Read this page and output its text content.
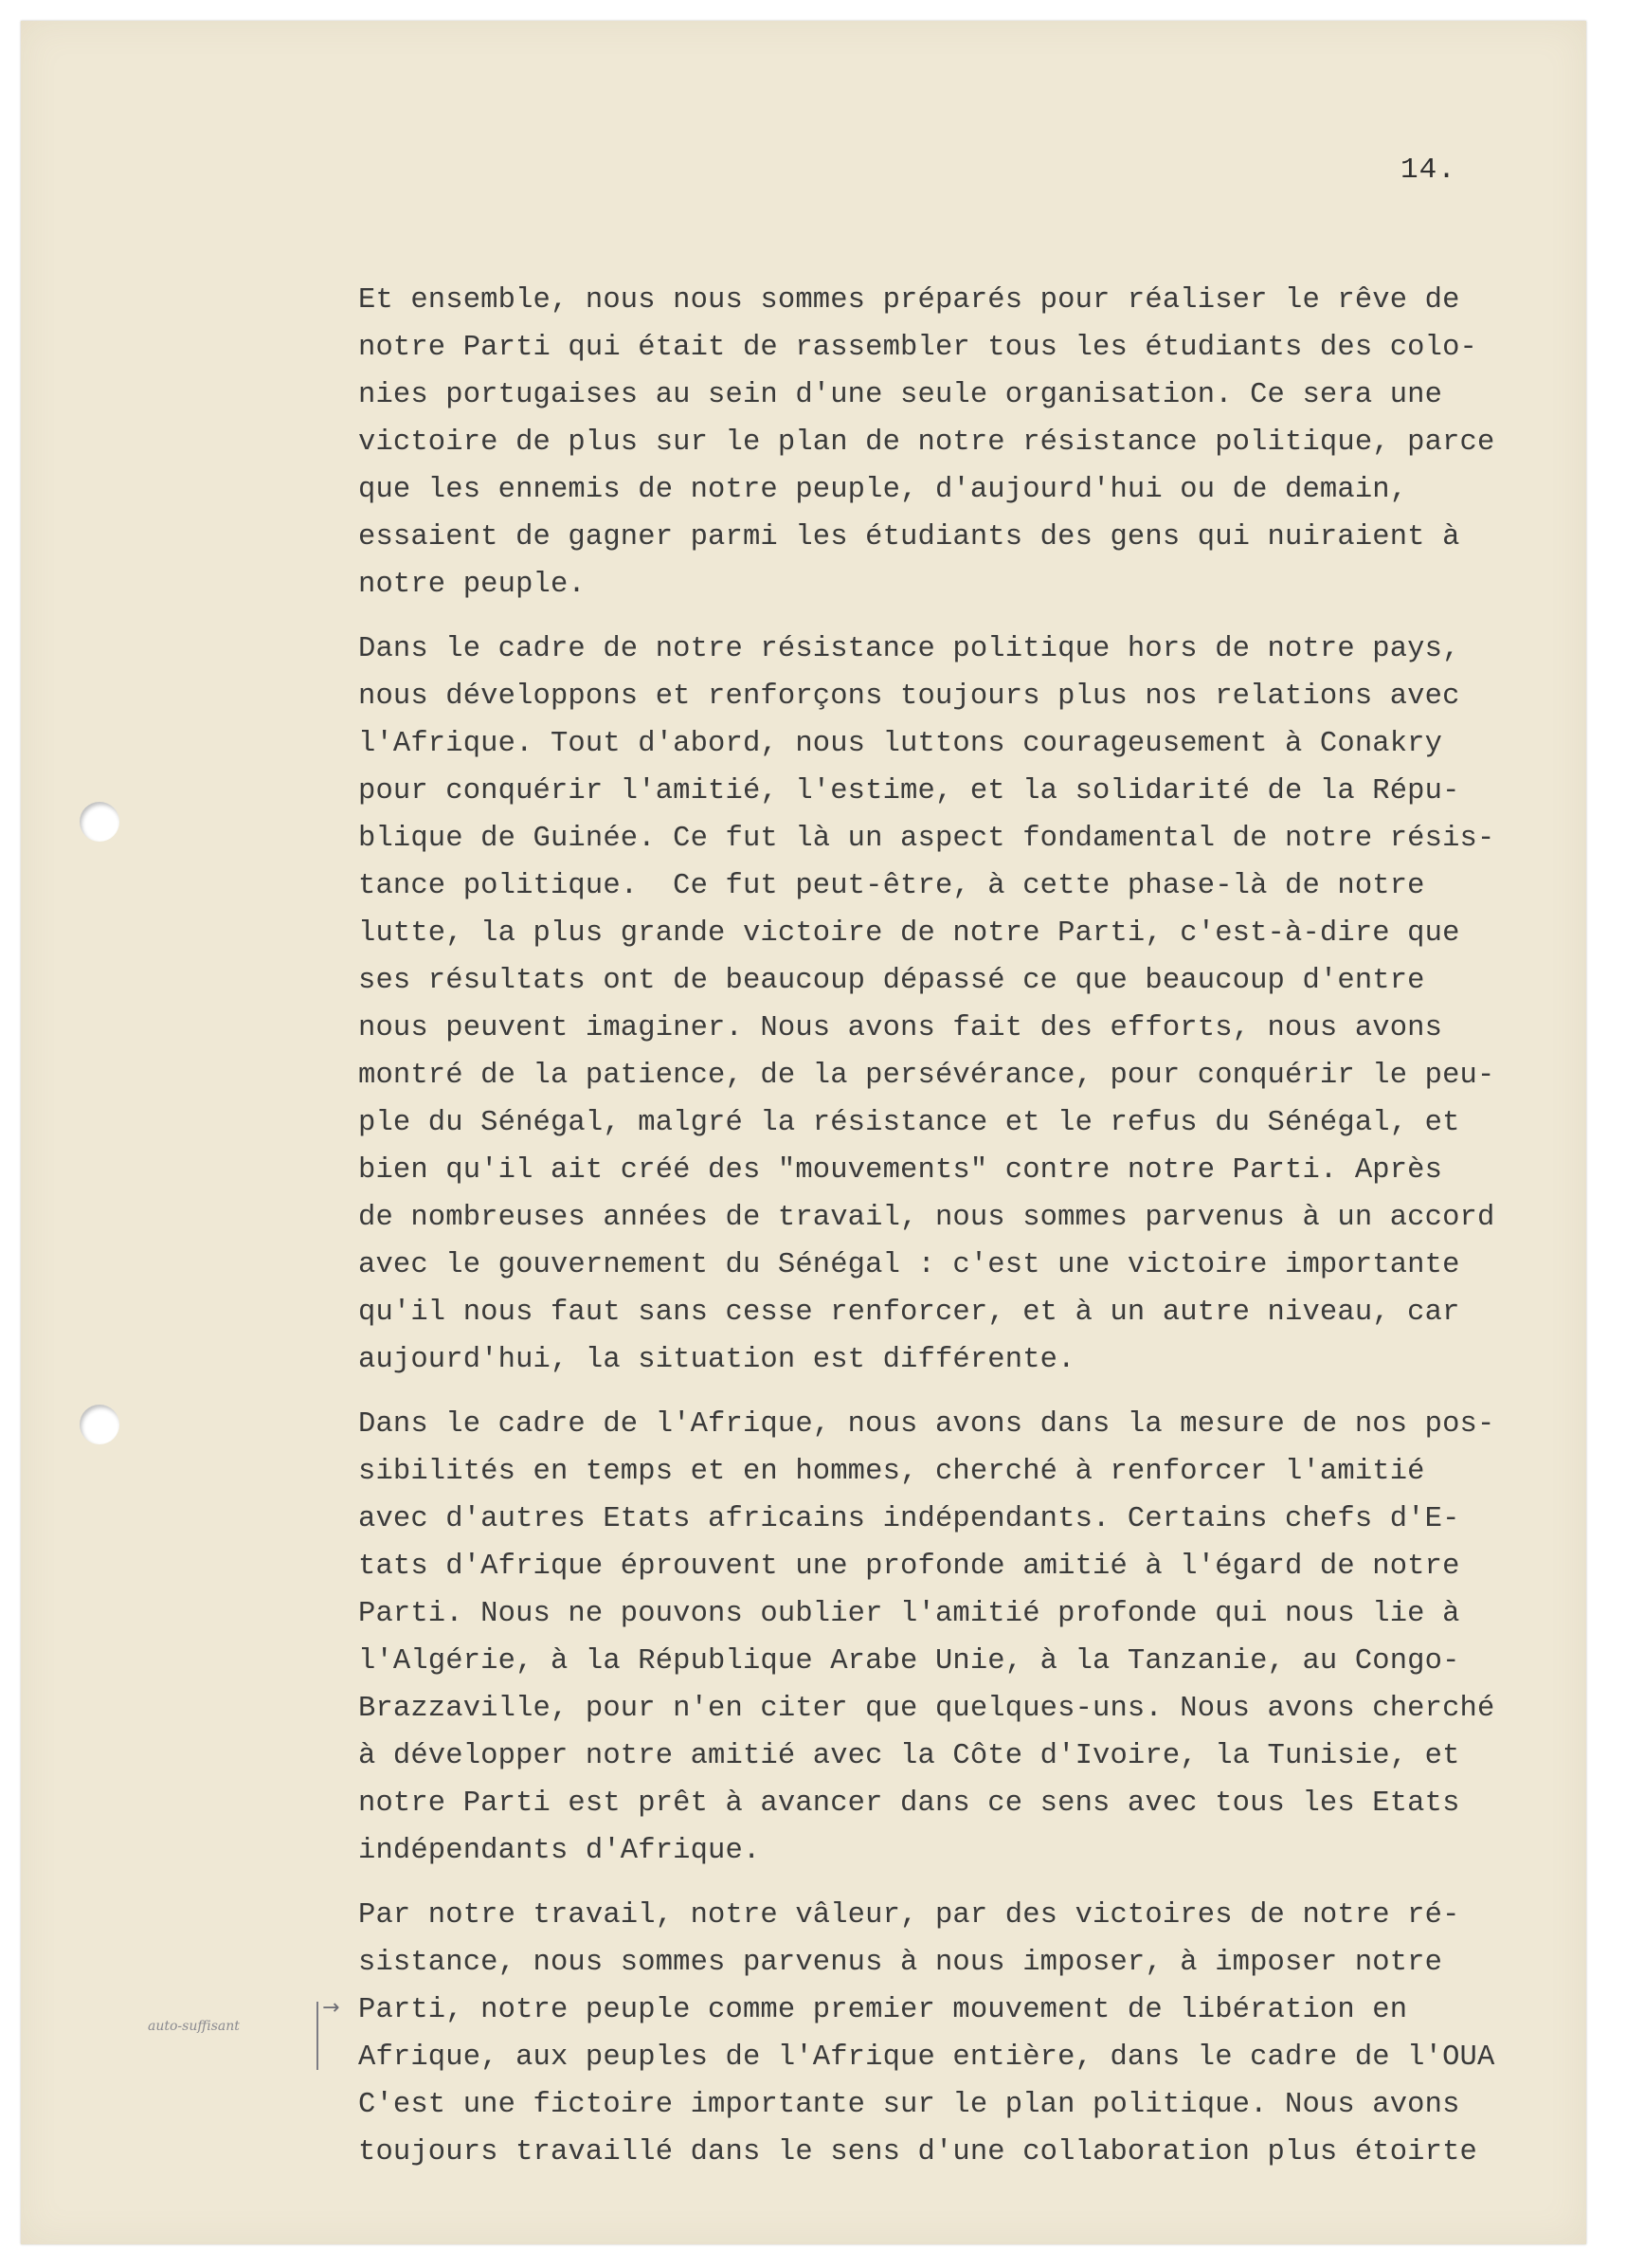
14.
Et ensemble, nous nous sommes préparés pour réaliser le rêve de
notre Parti qui était de rassembler tous les étudiants des colo-
nies portugaises au sein d'une seule organisation. Ce sera une
victoire de plus sur le plan de notre résistance politique, parce
que les ennemis de notre peuple, d'aujourd'hui ou de demain,
essaient de gagner parmi les étudiants des gens qui nuiraient à
notre peuple.
Dans le cadre de notre résistance politique hors de notre pays,
nous développons et renforçons toujours plus nos relations avec
l'Afrique. Tout d'abord, nous luttons courageusement à Conakry
pour conquérir l'amitié, l'estime, et la solidarité de la Répu-
blique de Guinée. Ce fut là un aspect fondamental de notre résis-
tance politique.  Ce fut peut-être, à cette phase-là de notre
lutte, la plus grande victoire de notre Parti, c'est-à-dire que
ses résultats ont de beaucoup dépassé ce que beaucoup d'entre
nous peuvent imaginer. Nous avons fait des efforts, nous avons
montré de la patience, de la persévérance, pour conquérir le peu-
ple du Sénégal, malgré la résistance et le refus du Sénégal, et
bien qu'il ait créé des "mouvements" contre notre Parti. Après
de nombreuses années de travail, nous sommes parvenus à un accord
avec le gouvernement du Sénégal : c'est une victoire importante
qu'il nous faut sans cesse renforcer, et à un autre niveau, car
aujourd'hui, la situation est différente.
Dans le cadre de l'Afrique, nous avons dans la mesure de nos pos-
sibilités en temps et en hommes, cherché à renforcer l'amitié
avec d'autres Etats africains indépendants. Certains chefs d'E-
tats d'Afrique éprouvent une profonde amitié à l'égard de notre
Parti. Nous ne pouvons oublier l'amitié profonde qui nous lie à
l'Algérie, à la République Arabe Unie, à la Tanzanie, au Congo-
Brazzaville, pour n'en citer que quelques-uns. Nous avons cherché
à développer notre amitié avec la Côte d'Ivoire, la Tunisie, et
notre Parti est prêt à avancer dans ce sens avec tous les Etats
indépendants d'Afrique.
Par notre travail, notre vâleur, par des victoires de notre ré-
sistance, nous sommes parvenus à nous imposer, à imposer notre
Parti, notre peuple comme premier mouvement de libération en
Afrique, aux peuples de l'Afrique entière, dans le cadre de l'OUA
C'est une fictoire importante sur le plan politique. Nous avons
toujours travaillé dans le sens d'une collaboration plus étoirte
auto-suffisant
→
